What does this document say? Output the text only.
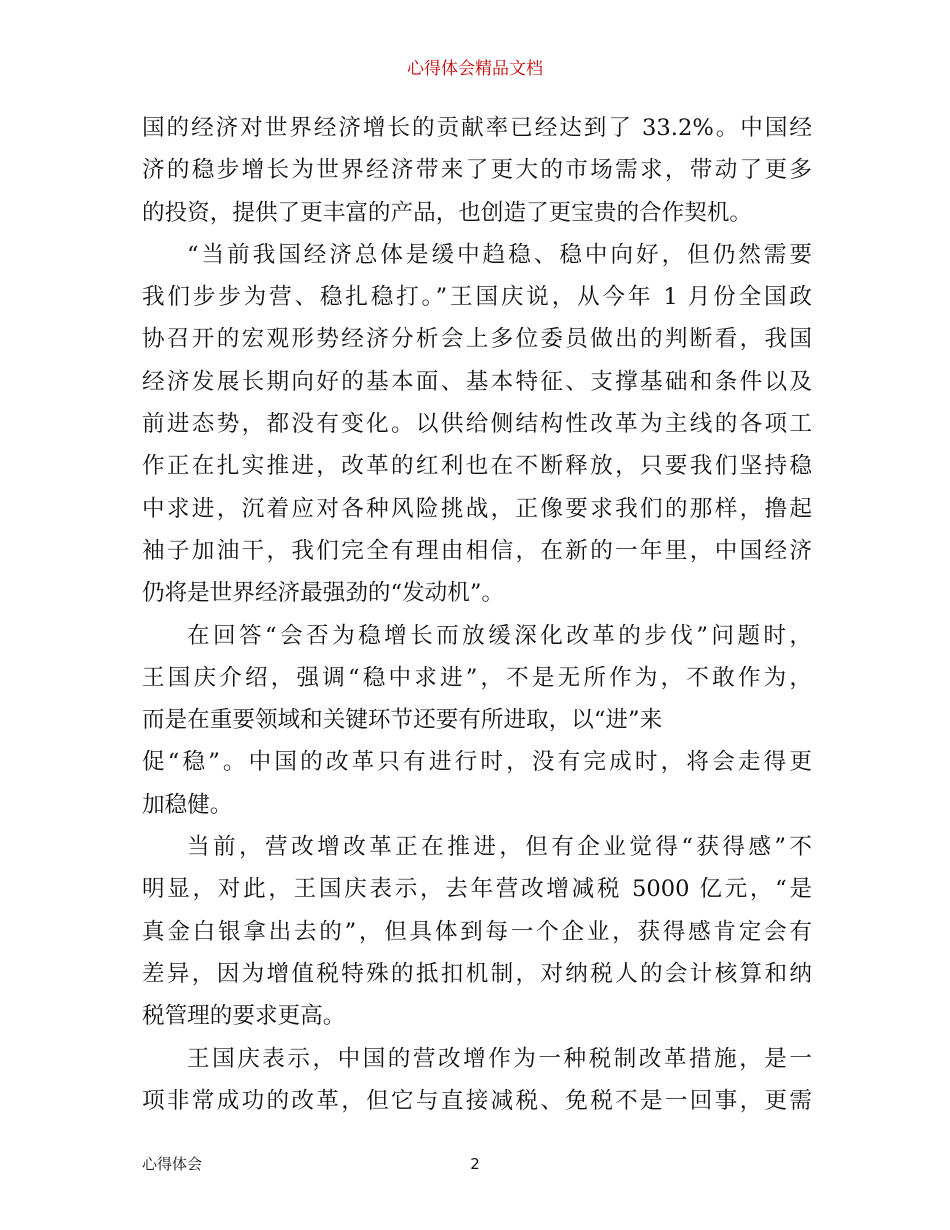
心得体会精品文档
国的经济对世界经济增长的贡献率已经达到了 33.2%。中国经
济的稳步增长为世界经济带来了更大的市场需求，带动了更多
的投资，提供了更丰富的产品，也创造了更宝贵的合作契机。
“当前我国经济总体是缓中趋稳、稳中向好，但仍然需要
我们步步为营、稳扎稳打。”王国庆说，从今年 1 月份全国政
协召开的宏观形势经济分析会上多位委员做出的判断看，我国
经济发展长期向好的基本面、基本特征、支撑基础和条件以及
前进态势，都没有变化。以供给侧结构性改革为主线的各项工
作正在扎实推进，改革的红利也在不断释放，只要我们坚持稳
中求进，沉着应对各种风险挑战，正像要求我们的那样，撸起
袖子加油干，我们完全有理由相信，在新的一年里，中国经济
仍将是世界经济最强劲的“发动机”。
在回答“会否为稳增长而放缓深化改革的步伐”问题时，
王国庆介绍，强调“稳中求进”，不是无所作为，不敢作为，
而是在重要领域和关键环节还要有所进取，以“进”来
促“稳”。中国的改革只有进行时，没有完成时，将会走得更
加稳健。
当前，营改增改革正在推进，但有企业觉得“获得感”不
明显，对此，王国庆表示，去年营改增减税 5000 亿元，“是
真金白银拿出去的”，但具体到每一个企业，获得感肯定会有
差异，因为增值税特殊的抵扣机制，对纳税人的会计核算和纳
税管理的要求更高。
王国庆表示，中国的营改增作为一种税制改革措施，是一
项非常成功的改革，但它与直接减税、免税不是一回事，更需
心得体会	2
